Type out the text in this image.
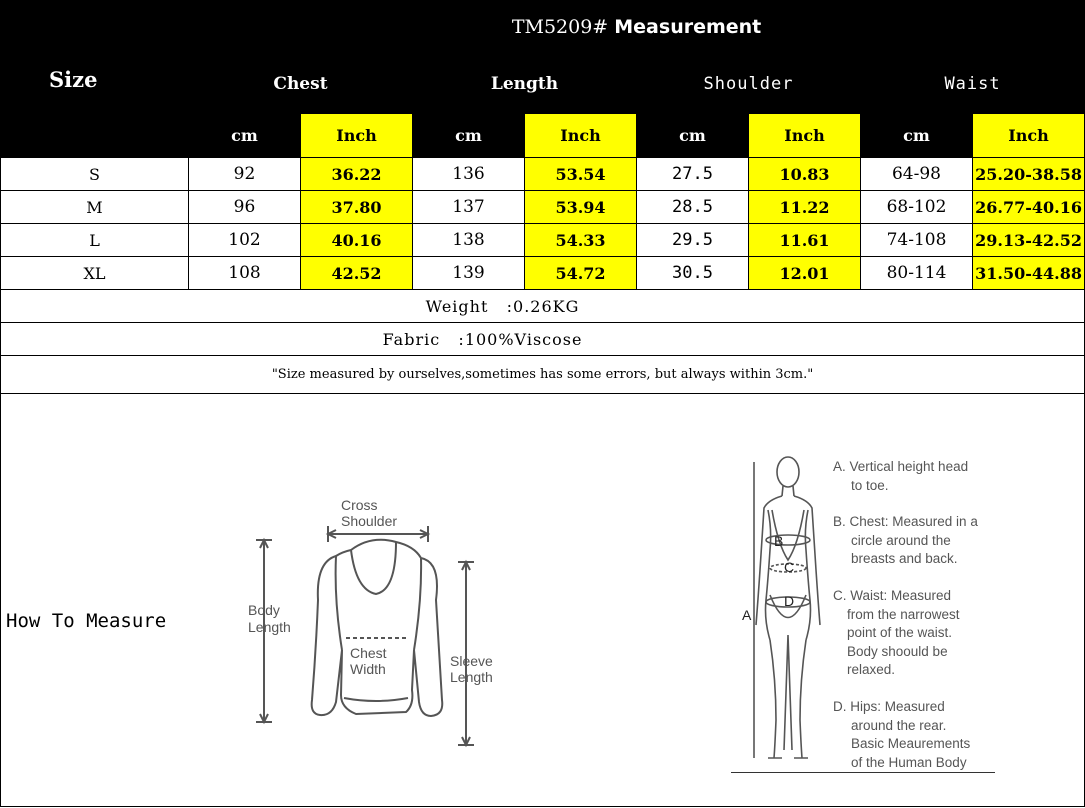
Size	TM5209# Measurement							
	Chest		Length		Shoulder		Waist	
	cm	Inch	cm	Inch	cm	Inch	cm	Inch
S	92	36.22	136	53.54	27.5	10.83	64-98	25.20-38.58
M	96	37.80	137	53.94	28.5	11.22	68-102	26.77-40.16
L	102	40.16	138	54.33	29.5	11.61	74-108	29.13-42.52
XL	108	42.52	139	54.72	30.5	12.01	80-114	31.50-44.88
Weight   :0.26KG								
Fabric   :100%Viscose								
"Size measured by ourselves,sometimes has some errors, but always within 3cm."								

How To Measure
Cross
Shoulder
Body
Length
Chest
Width	Sleeve
Length
B
C
D
A
A. Vertical height head
to toe.
B. Chest: Measured in a
circle around the
breasts and back.
C. Waist: Measured
from the narrowest
point of the waist.
Body shoould be
relaxed.
D. Hips: Measured
around the rear.
Basic Meaurements
of the Human Body
